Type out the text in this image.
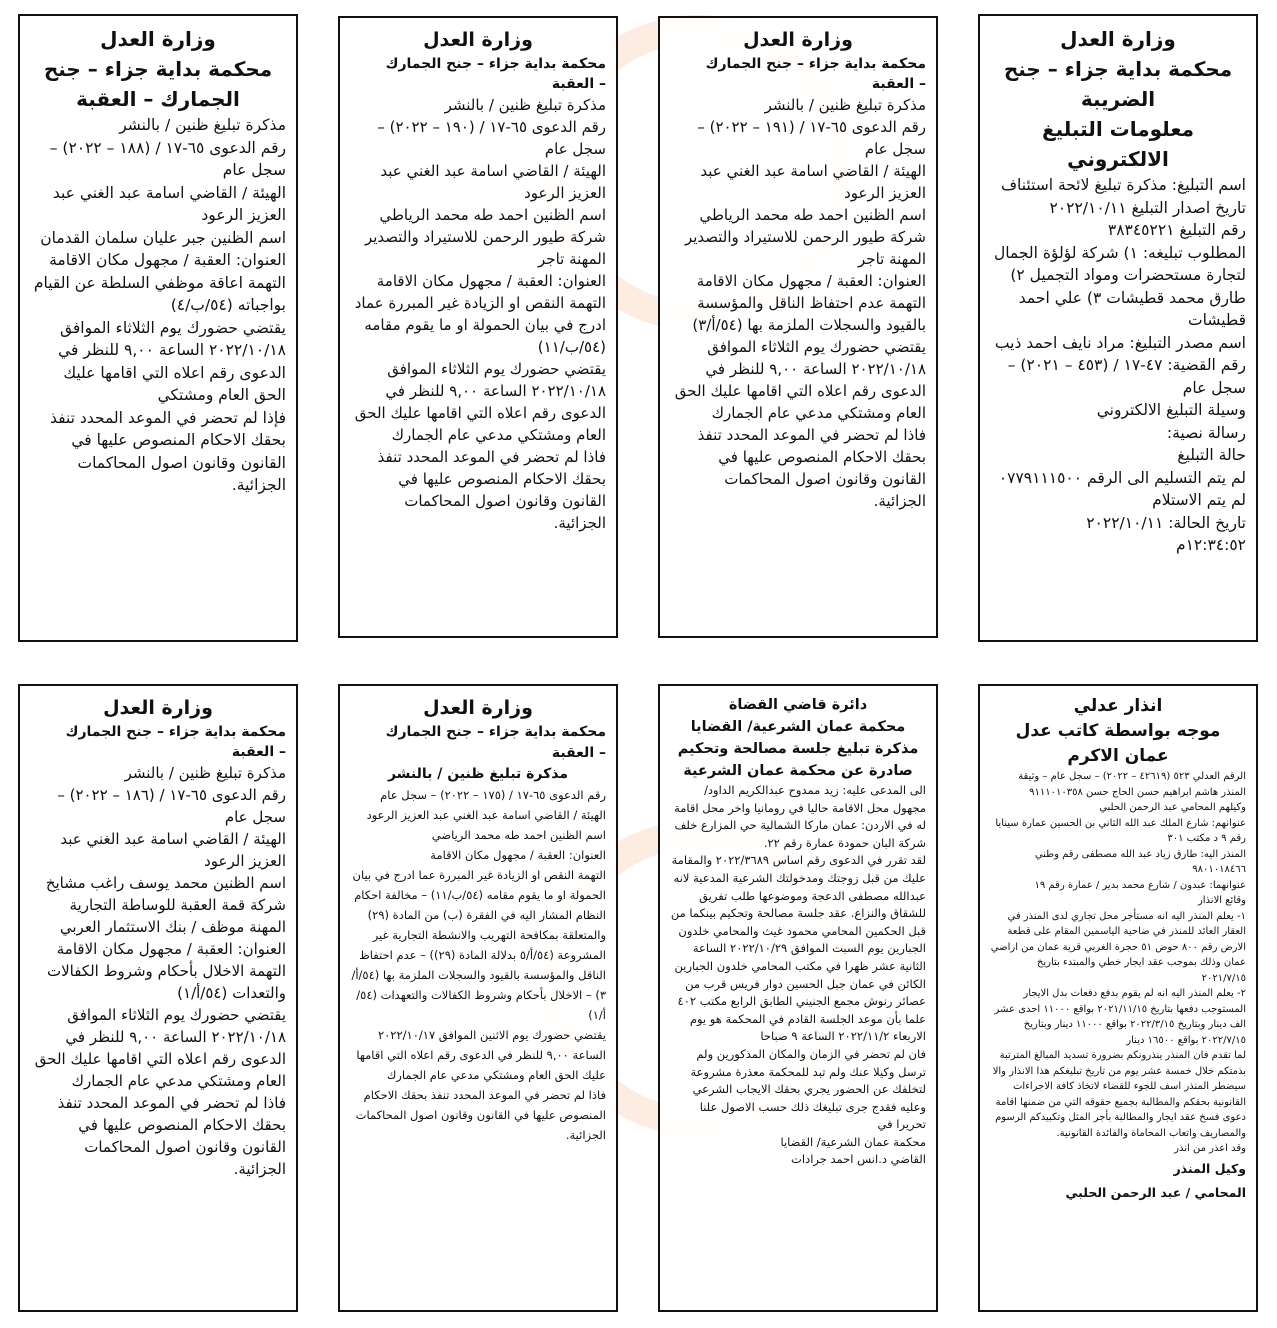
وزارة العدل

محكمة بداية جزاء – جنح

الضريبة

معلومات التبليغ الالكتروني

اسم التبليغ: مذكرة تبليغ لائحة استئناف

تاريخ اصدار التبليغ ٢٠٢٢/١٠/١١

رقم التبليغ ٣٨٣٤٥٢٢١

المطلوب تبليغه: ١) شركة لؤلؤة الجمال لتجارة مستحضرات ومواد التجميل ٢) طارق محمد قطيشات ٣) علي احمد قطيشات

اسم مصدر التبليغ: مراد نايف احمد ذيب رقم القضية: ٤٧-١٧ / (٤٥٣ – ٢٠٢١) – سجل عام

وسيلة التبليغ الالكتروني

رسالة نصية:

حالة التبليغ

لم يتم التسليم الى الرقم ٠٧٧٩١١١٥٠٠

لم يتم الاستلام

تاريخ الحالة: ٢٠٢٢/١٠/١١

١٢:٣٤:٥٢م

وزارة العدل

محكمة بداية جزاء – جنح الجمارك

– العقبة

مذكرة تبليغ ظنين / بالنشر

رقم الدعوى ٦٥-١٧ / (١٩١ – ٢٠٢٢) – سجل عام

الهيئة / القاضي اسامة عبد الغني عبد العزيز الرعود

اسم الظنين احمد طه محمد الرياطي شركة طيور الرحمن للاستيراد والتصدير

المهنة تاجر

العنوان: العقبة / مجهول مكان الاقامة

التهمة عدم احتفاظ الناقل والمؤسسة بالقيود والسجلات الملزمة بها (٥٤/أ/٣)

يقتضي حضورك يوم الثلاثاء الموافق ٢٠٢٢/١٠/١٨ الساعة ٩,٠٠ للنظر في الدعوى رقم اعلاه التي اقامها عليك الحق العام ومشتكي مدعي عام الجمارك

فاذا لم تحضر في الموعد المحدد تنفذ بحقك الاحكام المنصوص عليها في القانون وقانون اصول المحاكمات الجزائية.

وزارة العدل

محكمة بداية جزاء – جنح الجمارك

– العقبة

مذكرة تبليغ ظنين / بالنشر

رقم الدعوى ٦٥-١٧ / (١٩٠ – ٢٠٢٢) – سجل عام

الهيئة / القاضي اسامة عبد الغني عبد العزيز الرعود

اسم الظنين احمد طه محمد الرياطي شركة طيور الرحمن للاستيراد والتصدير

المهنة تاجر

العنوان: العقبة / مجهول مكان الاقامة

التهمة النقص او الزيادة غير المبررة عماد ادرج في بيان الحمولة او ما يقوم مقامه (٥٤/ب/١١)

يقتضي حضورك يوم الثلاثاء الموافق ٢٠٢٢/١٠/١٨ الساعة ٩,٠٠ للنظر في الدعوى رقم اعلاه التي اقامها عليك الحق العام ومشتكي مدعي عام الجمارك

فاذا لم تحضر في الموعد المحدد تنفذ بحقك الاحكام المنصوص عليها في القانون وقانون اصول المحاكمات الجزائية.

وزارة العدل

محكمة بداية جزاء – جنح

الجمارك – العقبة

مذكرة تبليغ ظنين / بالنشر

رقم الدعوى ٦٥-١٧ / (١٨٨ – ٢٠٢٢) – سجل عام

الهيئة / القاضي اسامة عبد الغني عبد العزيز الرعود

اسم الظنين جبر عليان سلمان القدمان

العنوان: العقبة / مجهول مكان الاقامة

التهمة اعاقة موظفي السلطة عن القيام بواجباته (٥٤/ب/٤)

يقتضي حضورك يوم الثلاثاء الموافق ٢٠٢٢/١٠/١٨ الساعة ٩,٠٠ للنظر في الدعوى رقم اعلاه التي اقامها عليك الحق العام ومشتكي

فإذا لم تحضر في الموعد المحدد تنفذ بحقك الاحكام المنصوص عليها في القانون وقانون اصول المحاكمات الجزائية.

انذار عدلي

موجه بواسطة كاتب عدل

عمان الاكرم

الرقم العدلي ٥٢٣ (٤٢٦١٩ – ٢٠٢٢) – سجل عام – وثيقة

المنذر هاشم ابراهيم حسن الحاج حسن ٩١١١٠١٠٣٥٨

وكيلهم المحامي عبد الرحمن الحلبي

عنوانهم: شارع الملك عبد الله الثاني بن الحسين عمارة سينايا رقم ٩ د مكتب ٣٠١

المنذر اليه: طارق زياد عبد الله مصطفى رقم وطني ٩٨٠١٠١٨٤٦٦

عنوانهما: عبدون / شارع محمد بدير / عمارة رقم ١٩

وقائع الانذار

١- يعلم المنذر اليه انه مستأجر محل تجاري لدى المنذر في العقار العائد للمنذر في ضاحية الياسمين المقام على قطعة الارض رقم ٨٠٠ حوض ٥١ حجرة الغربي قرية عمان من اراضي عمان وذلك بموجب عقد ايجار خطي والمبتدء بتاريخ ٢٠٢١/٧/١٥

٢- يعلم المنذر اليه انه لم يقوم بدفع دفعات بدل الايجار المستوجب دفعها بتاريخ ٢٠٢١/١١/١٥ بواقع ١١٠٠٠ احدى عشر الف دينار وبتاريخ ٢٠٢٢/٣/١٥ بواقع ١١٠٠٠ دينار وبتاريخ ٢٠٢٢/٧/١٥ بواقع ١٦٥٠٠ دينار

لما تقدم فان المنذر ينذرونكم بضرورة تسديد المبالغ المترتبة بذمتكم خلال خمسة عشر يوم من تاريخ تبليغكم هذا الانذار والا سيضطر المنذر اسف للجوء للقضاء لاتخاذ كافة الاجراءات القانونية بحقكم والمطالبة بجميع حقوقه التي من ضمنها اقامة دعوى فسخ عقد ايجار والمطالبة بأجر المثل وتكبيدكم الرسوم والمصاريف واتعاب المحاماة والفائدة القانونية.

وقد اعذر من انذر

وكيل المنذر

المحامي / عبد الرحمن الحلبي

دائرة قاضي القضاة

محكمة عمان الشرعية/ القضايا

مذكرة تبليغ جلسة مصالحة وتحكيم

صادرة عن محكمة عمان الشرعية

الى المدعى عليه: زيد ممدوح عبدالكريم الداود/ مجهول محل الاقامة حاليا في رومانيا واخر محل اقامة له في الاردن: عمان ماركا الشمالية حي المزارع خلف شركة البان حمودة عمارة رقم ٢٢.

لقد تقرر في الدعوى رقم اساس ٢٠٢٢/٣٦٨٩ والمقامة عليك من قبل زوجتك ومدخولتك الشرعية المدعية لانه عبدالله مصطفى الدعجة وموضوعها طلب تفريق للشقاق والنزاع. عقد جلسة مصالحة وتحكيم بينكما من قبل الحكمين المحامي محمود غيث والمحامي خلدون الجبارين يوم السبت الموافق ٢٠٢٢/١٠/٢٩ الساعة الثانية عشر ظهرا في مكتب المحامي خلدون الجبارين الكائن في عمان جبل الحسين دوار فريس قرب من عصائر رنوش مجمع الجنيني الطابق الرابع مكتب ٤٠٢ علما بأن موعد الجلسة القادم في المحكمة هو يوم الاربعاء ٢٠٢٢/١١/٢ الساعة ٩ صباحا

فان لم تحضر في الزمان والمكان المذكورين ولم ترسل وكيلا عنك ولم تبد للمحكمة معذرة مشروعة لتخلفك عن الحضور يجري بحقك الايجاب الشرعي وعليه فقدج جرى تبليغك ذلك حسب الاصول علنا تحريرا في

محكمة عمان الشرعية/ القضايا

القاضي د.انس احمد جرادات

وزارة العدل

محكمة بداية جزاء – جنح الجمارك

– العقبة

مذكرة تبليغ ظنين / بالنشر

رقم الدعوى ٦٥-١٧ / (١٧٥ – ٢٠٢٢) – سجل عام

الهيئة / القاضي اسامة عبد الغني عبد العزيز الرعود

اسم الظنين احمد طه محمد الرياضي

العنوان: العقبة / مجهول مكان الاقامة

التهمة النقص او الزيادة غير المبررة عما ادرج في بيان الحمولة او ما يقوم مقامه (٥٤/ب/١١) – مخالفة احكام النظام المشار اليه في الفقرة (ب) من المادة (٢٩) والمتعلقة بمكافحة التهريب والانشطة التجارية غير المشروعة (٥٤/أ/٥ بدلالة المادة (٢٩)) – عدم احتفاظ الناقل والمؤسسة بالقيود والسجلات الملزمة بها (٥٤/أ/٣) – الاخلال بأحكام وشروط الكفالات والتعهدات (٥٤/أ/١)

يقتضي حضورك يوم الاثنين الموافق ٢٠٢٢/١٠/١٧ الساعة ٩,٠٠ للنظر في الدعوى رقم اعلاه التي اقامها عليك الحق العام ومشتكي مدعي عام الجمارك

فاذا لم تحضر في الموعد المحدد تنفذ بحقك الاحكام المنصوص عليها في القانون وقانون اصول المحاكمات الجزائية.

وزارة العدل

محكمة بداية جزاء – جنح الجمارك

– العقبة

مذكرة تبليغ ظنين / بالنشر

رقم الدعوى ٦٥-١٧ / (١٨٦ – ٢٠٢٢) – سجل عام

الهيئة / القاضي اسامة عبد الغني عبد العزيز الرعود

اسم الظنين محمد يوسف راغب مشايخ

شركة قمة العقبة للوساطة التجارية

المهنة موظف / بنك الاستثمار العربي

العنوان: العقبة / مجهول مكان الاقامة

التهمة الاخلال بأحكام وشروط الكفالات والتعدات (٥٤/أ/١)

يقتضي حضورك يوم الثلاثاء الموافق ٢٠٢٢/١٠/١٨ الساعة ٩,٠٠ للنظر في الدعوى رقم اعلاه التي اقامها عليك الحق العام ومشتكي مدعي عام الجمارك

فاذا لم تحضر في الموعد المحدد تنفذ بحقك الاحكام المنصوص عليها في القانون وقانون اصول المحاكمات الجزائية.
